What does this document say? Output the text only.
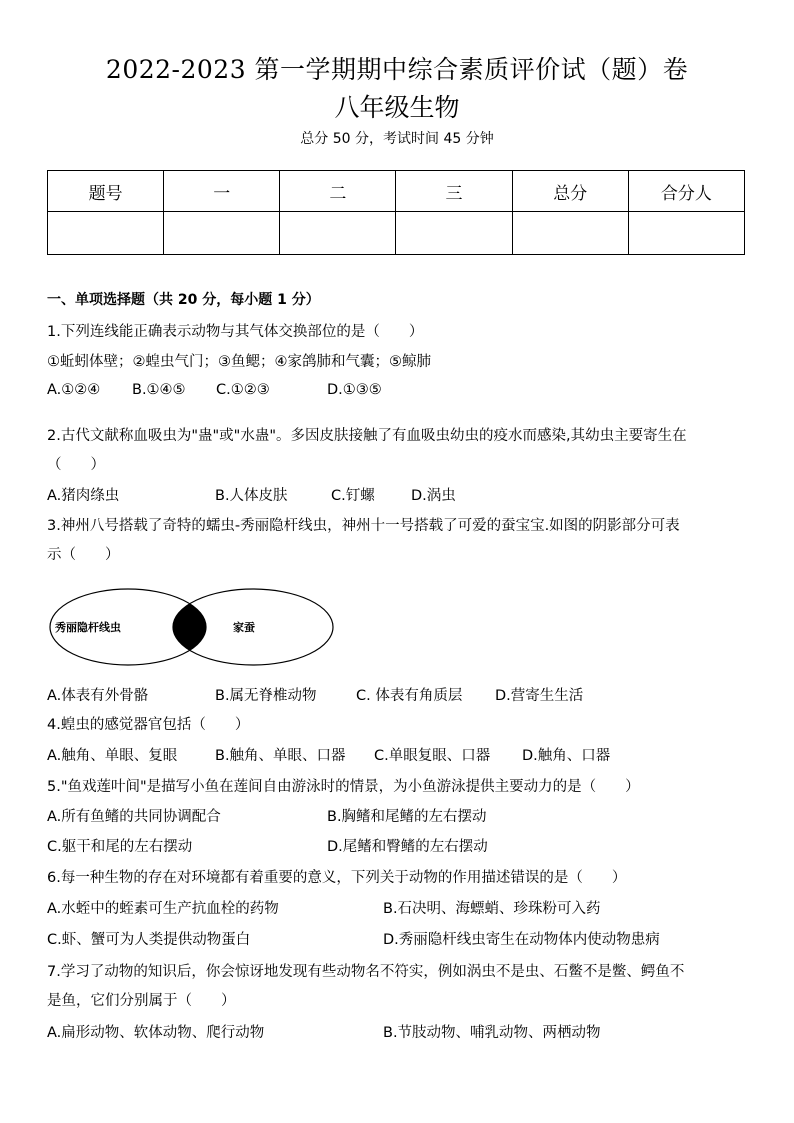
2022-2023 第一学期期中综合素质评价试（题）卷
八年级生物
总分 50 分，考试时间 45 分钟
题号	一	二	三	总分	合分人

一、单项选择题（共 20 分，每小题 1 分）
1.下列连线能正确表示动物与其气体交换部位的是（　　）
①蚯蚓体壁；②蝗虫气门；③鱼鳃；④家鸽肺和气囊；⑤鲸肺
A.①②④ B.①④⑤ C.①②③	D.①③⑤
2.古代文献称血吸虫为"蛊"或"水蛊"。多因皮肤接触了有血吸虫幼虫的疫水而感染,其幼虫主要寄生在
（　　）
A.猪肉绦虫	B.人体皮肤	C.钉螺	D.涡虫
3.神州八号搭载了奇特的蠕虫-秀丽隐杆线虫，神州十一号搭载了可爱的蚕宝宝.如图的阴影部分可表
示（　　）
秀丽隐杆线虫	家蚕
A.体表有外骨骼	B.属无脊椎动物	C. 体表有角质层 D.营寄生生活
4.蝗虫的感觉器官包括（　　）
A.触角、单眼、复眼	B.触角、单眼、口器 C.单眼复眼、口器 D.触角、口器
5."鱼戏莲叶间"是描写小鱼在莲间自由游泳时的情景，为小鱼游泳提供主要动力的是（　　）
A.所有鱼鳍的共同协调配合	B.胸鳍和尾鳍的左右摆动
C.躯干和尾的左右摆动	D.尾鳍和臀鳍的左右摆动
6.每一种生物的存在对环境都有着重要的意义，下列关于动物的作用描述错误的是（　　）
A.水蛭中的蛭素可生产抗血栓的药物	B.石决明、海螵蛸、珍珠粉可入药
C.虾、蟹可为人类提供动物蛋白	D.秀丽隐杆线虫寄生在动物体内使动物患病
7.学习了动物的知识后，你会惊讶地发现有些动物名不符实，例如涡虫不是虫、石鳖不是鳖、鳄鱼不
是鱼，它们分别属于（　　）
A.扁形动物、软体动物、爬行动物	B.节肢动物、哺乳动物、两栖动物
